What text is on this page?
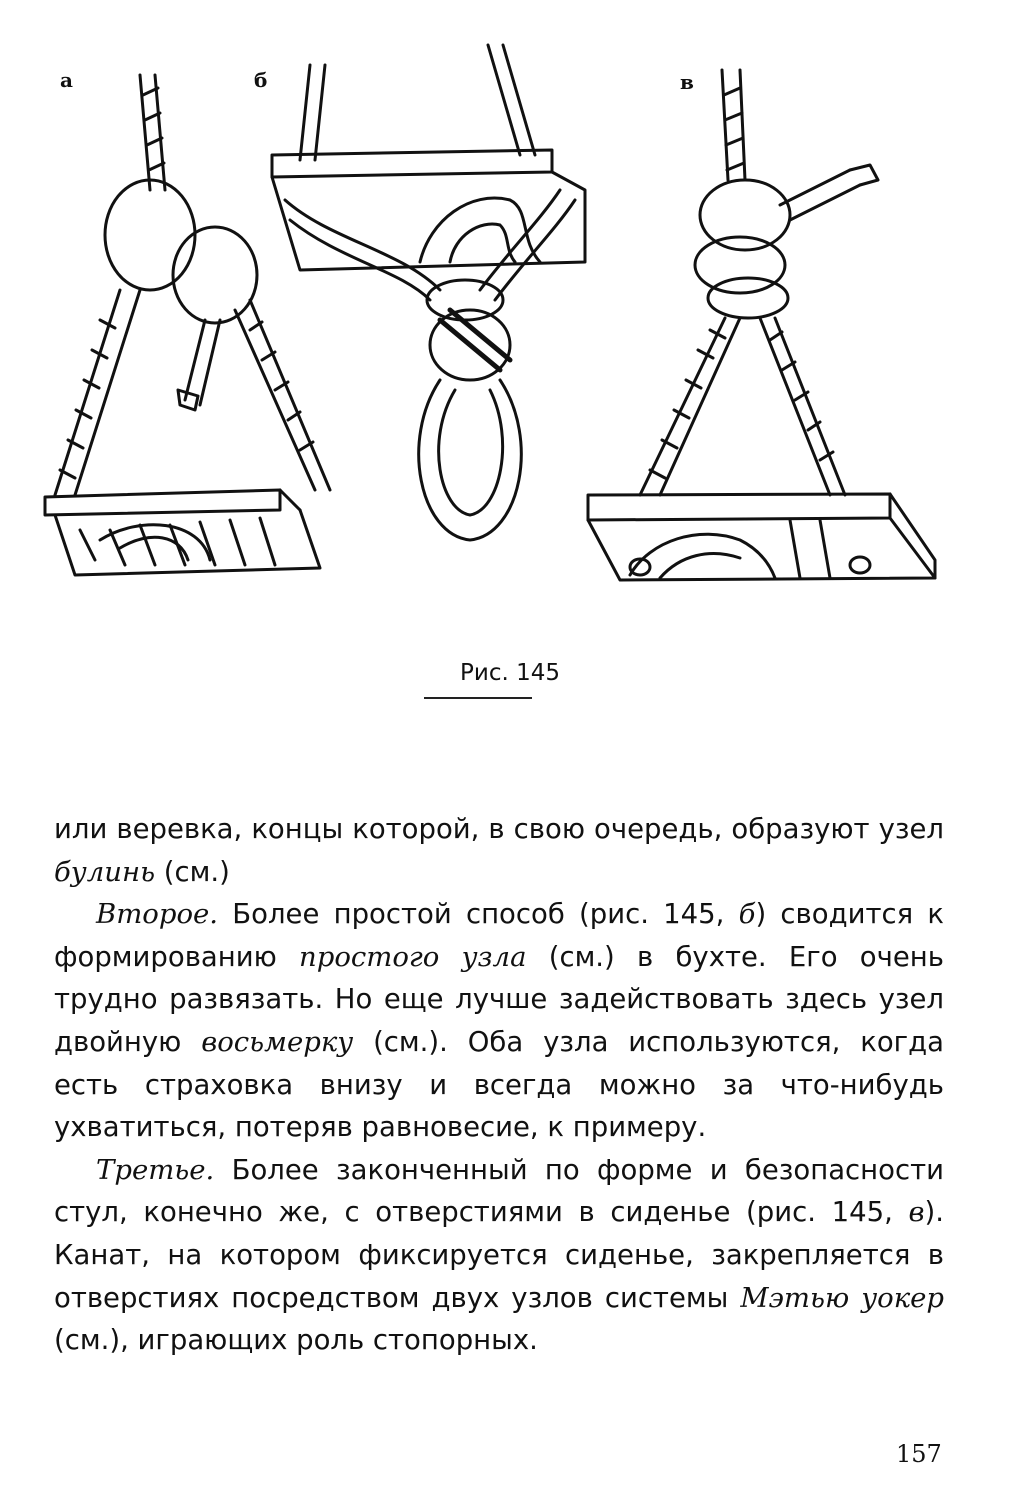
а	б	в
Рис. 145

или веревка, концы которой, в свою очередь, образуют узел булинь (см.)

Второе. Более простой способ (рис. 145, б) сводится к формированию простого узла (см.) в бухте. Его очень трудно развязать. Но еще лучше задействовать здесь узел двойную восьмерку (см.). Оба узла используются, когда есть страховка внизу и всегда можно за что-нибудь ухватиться, потеряв равновесие, к примеру.

Третье. Более законченный по форме и безопасности стул, конечно же, с отверстиями в сиденье (рис. 145, в). Канат, на котором фиксируется сиденье, закрепляется в отверстиях посредством двух узлов системы Мэтью уокер (см.), играющих роль стопорных.

157
